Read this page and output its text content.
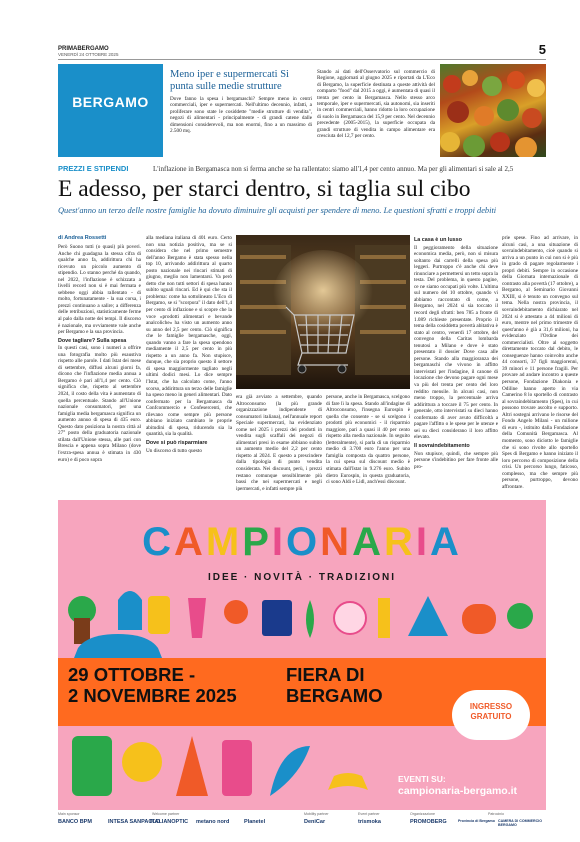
PRIMABERGAMO
VENERDÌ 24 OTTOBRE 2025	5
BERGAMO
Meno iper e supermercati Si punta sulle medie strutture
Dove fanno la spesa i bergamaschi? Sempre meno in centri commerciali, iper e supermercati. Nell'ultimo decennio, infatti, a proliferare sono state le cosiddette "medie strutture di vendita", negozi di alimentari - principalmente - di grandi catene dalle dimensioni considerevoli, ma non enormi, fino a un massimo di 2.500 mq.
Stando ai dati dell'Osservatorio sul commercio di Regione, aggiornati al giugno 2025 e riportati da L'Eco di Bergamo, la superficie destinata a queste attività del comparto "food" dal 2015 a oggi, è aumentata di quasi il trenta per cento in Bergamasca. Nello stesso arco temporale, iper e supermercati, sia autonomi, sia inseriti in centri commerciali, hanno ridotto la loro occupazione di suolo in Bergamasca del 15,9 per cento. Nel decennio precedente (2005-2015), la superficie occupata da grandi strutture di vendita in campo alimentare era cresciuta del 12,7 per cento.
PREZZI E STIPENDI	L'inflazione in Bergamasca non si ferma anche se ha rallentato: siamo all'1,4 per cento annuo. Ma per gli alimentari si sale al 2,5
E adesso, per starci dentro, si taglia sul cibo
Quest'anno un terzo delle nostre famiglie ha dovuto diminuire gli acquisti per spendere di meno. Le questioni sfratti e troppi debiti
di Andrea Rossetti

Però Suono tutti (o quasi) più poveri. Anche chi guadagna la stessa cifra di qualche anno fa, addirittura chi ha ricevuto un piccolo aumento di stipendio. Lo stanno perché da quando, nel 2022, l'inflazione è schizzata a livelli record non si è mai fermata e sebbene oggi abbia rallentato - di molto, fortunatamente - la sua corsa, i prezzi continuano a salire; a differenza delle retribuzioni, statisticamente ferme al palo dalla notte dei tempi. Il discorso è nazionale, ma ovviamente vale anche per Bergamo e la sua provincia.

Dove tagliare? Sulla spesa

In questi casi, sono i numeri a offrire una fotografia molto più esaustiva rispetto alle parole. I dati Istat dei mese di settembre, diffusi alcuni giorni fa, dicono che l'inflazione media annua a Bergamo è pari all'1,4 per cento. Ciò significa che, rispetto al settembre 2024, il costo della vita è aumentato di quella percentuale. Stando all'Unione nazionale consumatori, per una famiglia media bergamasca significa un aumento annuo di spesa di 435 euro. Questo dato posiziona la nostra città al 27° posto della graduatoria nazionale stilata dall'Unione stessa, alle pari con Brescia e appena sopra Milano (dove l'extra-spesa annua è stimata in 430 euro) e di poco sopra

alla mediana italiana di 401 euro. Certo non una notizia positiva, ma se si considera che nel primo semestre dell'anno Bergamo è stata spesso nella top 10, arrivando addirittura al quarto posto nazionale nei rincari stimati di giugno, meglio non lamentarsi. Va però detto che non tutti settori di spesa hanno subìto uguali rincari. Ed è qui che sta il problema: come ha sottolineato L'Eco di Bergamo, se si "scorpora" il dato dell'1,4 per cento di inflazione e si scopre che la voce «prodotti alimentari e bevande analcoliche» ha visto un aumento anno su anno del 2,5 per cento. Ciò significa che le famiglie bergamasche, oggi, quando vanno a fare la spesa spendono mediamente il 2,5 per cento in più rispetto a un anno fa. Non stupisce, dunque, che sia proprio questo il settore di spesa maggiormente tagliato negli ultimi dodici mesi. Lo dice sempre l'Istat, che ha calcolato come, l'anno scorso, addirittura un terzo delle famiglie ha speso meno in generi alimentari. Dato confermato per la Bergamasca da Confcommercio e Confesercenti, che rilevano come sempre più persone abbiano iniziato cambiato le proprie abitudini di spesa, riducendo sia la quantità, sia la qualità.

Dove si può risparmiare

Un discorso di tutto questo

era già avviato a settembre, quando Altroconsumo (la più grande organizzazione indipendente di consumatori italiana), nell'annuale report Speciale supermercati, ha evidenziato come nel 2025 i prezzi dei prodotti in vendita sugli scaffali dei negozi di alimentari presi in esame abbiano subito un aumento medio del 2,2 per cento rispetto al 2024. E questo a prescindere dalla tipologia di punto vendita considerata. Nei discount, perù, i prezzi restano comunque sensibilmente più bassi che nei supermercati e negli ipermercati, e infatti sempre più

persone, anche in Bergamasca, scelgono di fare lì la spesa. Stando all'indagine di Altroconsumo, l'insegna Eurospin è quella che consente - se si scelgono i prodotti più economici - il risparmio maggiore, pari a quasi il 40 per cento rispetto alla media nazionale. In seguito (letteralmente), si parla di un risparmio medio di 3.700 euro l'anno per una famiglia composta da quattro persone, la cui spesa sul discount medio è stimata dall'Istat in 9.276 euro. Subito dietro Eurospin, in questa graduatoria, ci sono Aldi e Lidl, anch'essi discount.

La casa è un lusso

Il peggioramento della situazione economica media, però, non si misura soltanto dai carrelli della spesa più leggeri. Purtroppo c'è anche chi deve rinunciare a permettersi un tetto sopra la testa. Del problema, in questo pagine, ce ne siamo occupati più volte. L'ultima sul numero del 10 ottobre, quando vi abbiamo raccontato di come, a Bergamo, nel 2024 si sia toccato il record degli sfratti: ben 785 a fronte di 1.089 richieste presentate. Proprio il tema della cosiddetta povertà abitativa è stato al centro, venerdì 17 ottobre, del convegno della Caritas lombarda tenutosi a Milano e dove è stato presentato il dossier Dove casa alle persone. Stando alla maggioranza dei bergamaschi che vivono in affitto intervistati per l'indagine, il canone di locazione che devono pagare ogni mese va più del trenta per cento del loro reddito mensile. In alcuni casi, non meno troppo, la percentuale arriva addirittura a toccare il 75 per cento. In generale, otto intervistati su dieci hanno confermato di aver avuto difficoltà a pagare l'affitto o le spese per le utenze e sei su dieci considerano il loro affitto elevato.

Il sovraindebitamento

Non stupisce, quindi, che sempre più persone s'indebitino per fare fronte alle pro-

prie spese. Fino ad arrivare, in alcuni casi, a una situazione di sovraindebitamento, cioè quando si arriva a un punto in cui non si è più in grado di pagare regolarmente i propri debiti. Sempre in occasione della Giornata internazionale di contrasto alla povertà (17 ottobre), a Bergamo, al Seminario Giovanni XXIII, si è tenuto un convegno sul tema. Nella nostra provincia, il sovraindebitamento dichiarato nel 2024 si è attestato a 44 milioni di euro, mentre nel primo trimestre di quest'anno è già a 31,6 milioni, ha evidenziato l'Ordine dei commercialisti. Oltre al soggetto direttamente toccato dal debito, le conseguenze hanno coinvolto anche 44 consorti, 37 figli maggiorenni, 39 minori e 11 persone fragili. Per provare ad andare incontro a queste persone, Fondazione Diakonia e Odiline hanno aperto in via Camerino 8 lo sportello di contrasto al sovraindebitamento (Spes), in cui possono trovare ascolto e supporto. Altri sostegni arrivano le risorse del Fondo Angelo Milani - un milione di euro -, istituito dalla Fondazione della Comunità Bergamasca. Al momento, sono diciotto le famiglie che si sono rivolte allo sportello Spes di Bergamo e hanno iniziato il loro percorso di composizione della crisi. Un percorso lungo, faticoso, complesso, ma che sempre più persone, purtroppo, devono affrontare.

CAMPIONARIA
IDEE · NOVITÀ · TRADIZIONI
29 OTTOBRE -
2 NOVEMBRE 2025
FIERA DI
BERGAMO
INGRESSO
GRATUITO
EVENTI SU:
campionaria-bergamo.it
Main sponsor	Welcome partner	Mobility partner	Event partner	Organizzazione	Patrocinio
BANCO BPM	INTESA SANPAOLO
ITALIANOPTIC metano nord	Planetel	DeniCar	trismoka	PROMOBERG	Provincia di Bergamo CAMERA DI COMMERCIO BERGAMO
